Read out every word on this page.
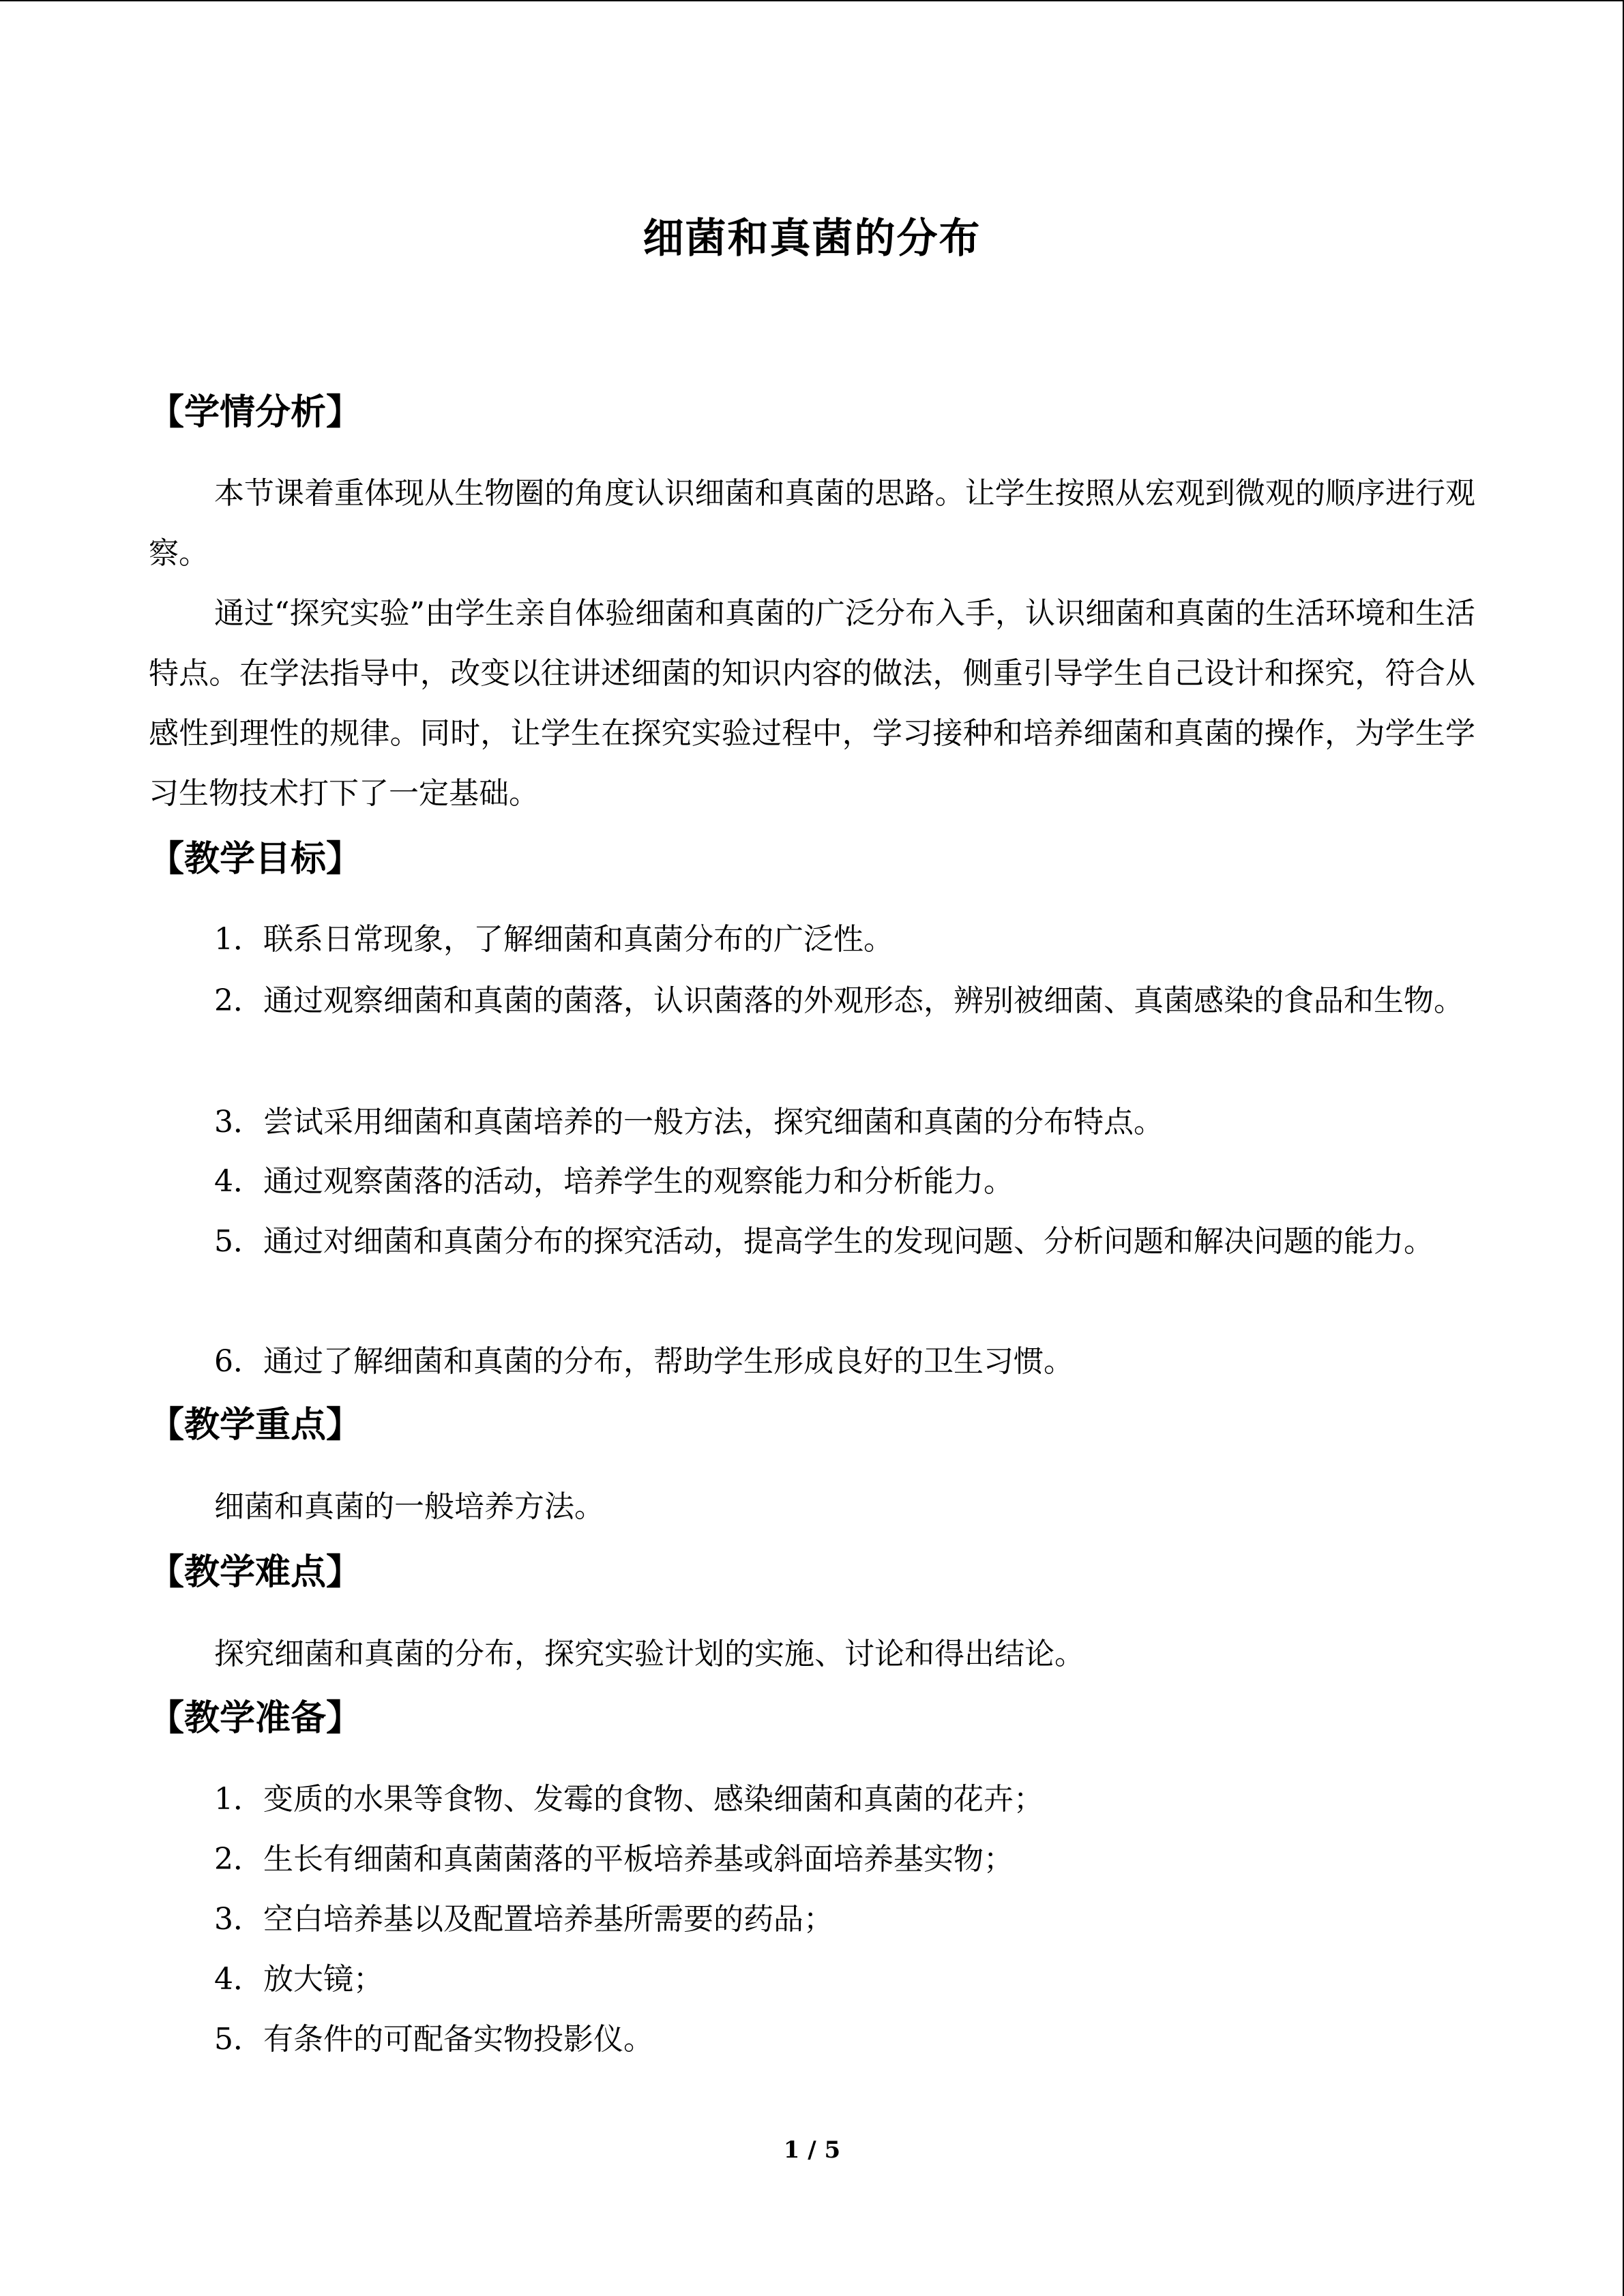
细菌和真菌的分布
【学情分析】

本节课着重体现从生物圈的角度认识细菌和真菌的思路。让学生按照从宏观到微观的顺序进行观察。

通过“探究实验”由学生亲自体验细菌和真菌的广泛分布入手，认识细菌和真菌的生活环境和生活特点。在学法指导中，改变以往讲述细菌的知识内容的做法，侧重引导学生自己设计和探究，符合从感性到理性的规律。同时，让学生在探究实验过程中，学习接种和培养细菌和真菌的操作，为学生学习生物技术打下了一定基础。

【教学目标】

1．联系日常现象，了解细菌和真菌分布的广泛性。

2．通过观察细菌和真菌的菌落，认识菌落的外观形态，辨别被细菌、真菌感染的食品和生物。

3．尝试采用细菌和真菌培养的一般方法，探究细菌和真菌的分布特点。

4．通过观察菌落的活动，培养学生的观察能力和分析能力。

5．通过对细菌和真菌分布的探究活动，提高学生的发现问题、分析问题和解决问题的能力。

6．通过了解细菌和真菌的分布，帮助学生形成良好的卫生习惯。

【教学重点】

细菌和真菌的一般培养方法。

【教学难点】

探究细菌和真菌的分布，探究实验计划的实施、讨论和得出结论。

【教学准备】

1．变质的水果等食物、发霉的食物、感染细菌和真菌的花卉；

2．生长有细菌和真菌菌落的平板培养基或斜面培养基实物；

3．空白培养基以及配置培养基所需要的药品；

4．放大镜；

5．有条件的可配备实物投影仪。

1 / 5
